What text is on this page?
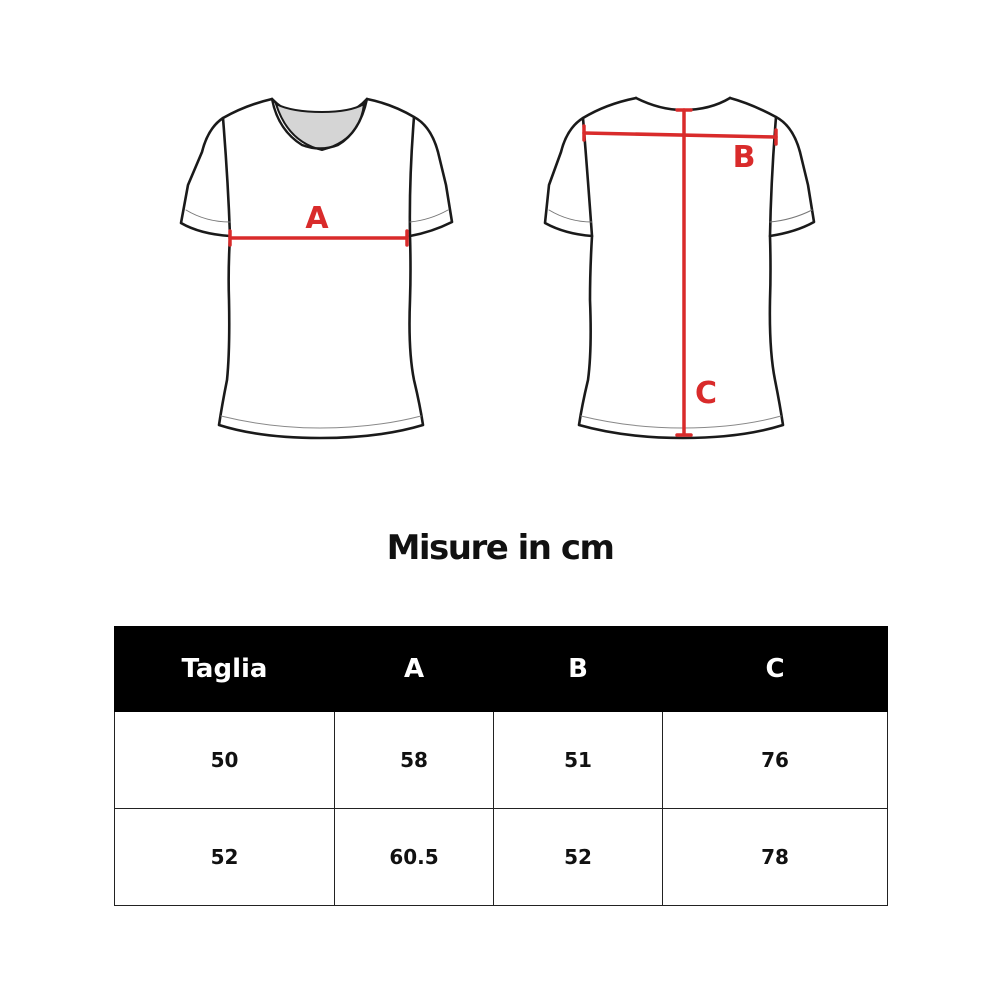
A
B
C
Misure in cm
Taglia	A	B	C
50	58	51	76
52	60.5	52	78
